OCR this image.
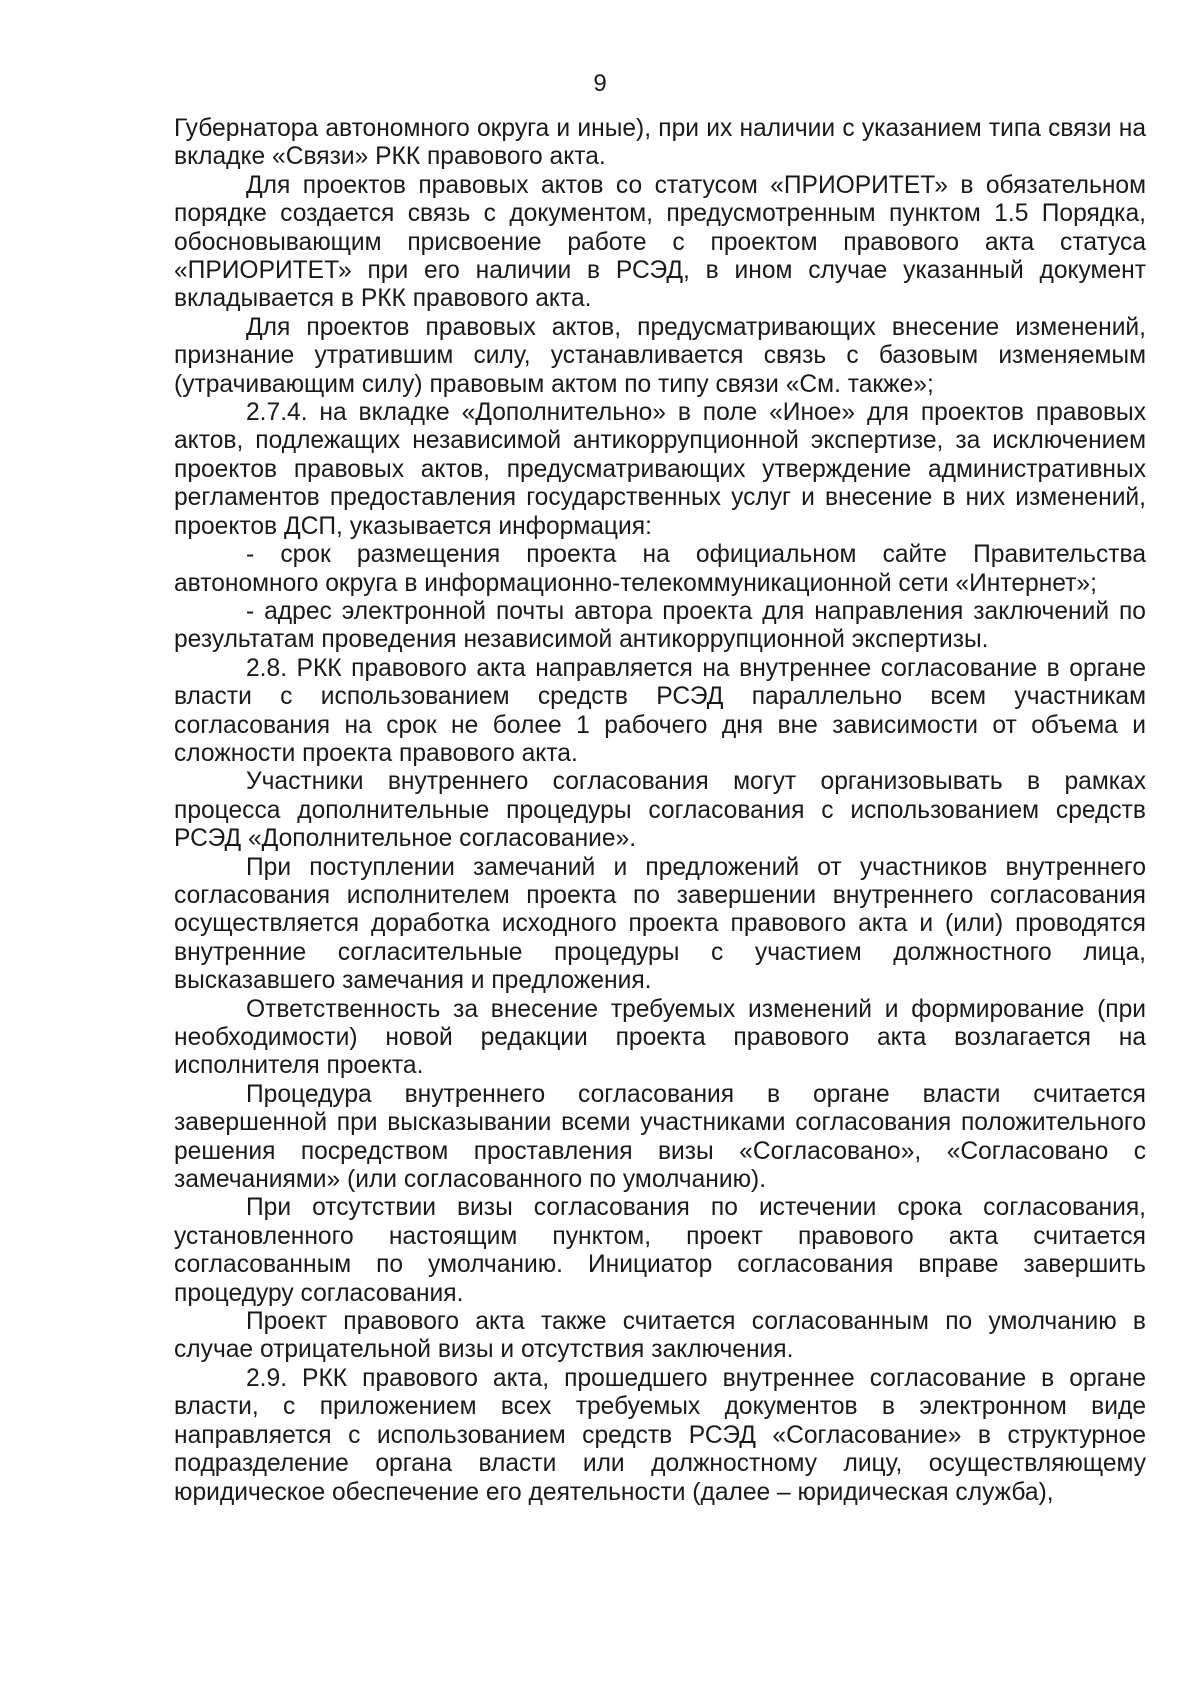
9

Губернатора автономного округа и иные), при их наличии с указанием типа связи на вкладке «Связи» РКК правового акта.

Для проектов правовых актов со статусом «ПРИОРИТЕТ» в обязательном порядке создается связь с документом, предусмотренным пунктом 1.5 Порядка, обосновывающим присвоение работе с проектом правового акта статуса «ПРИОРИТЕТ» при его наличии в РСЭД, в ином случае указанный документ вкладывается в РКК правового акта.

Для проектов правовых актов, предусматривающих внесение изменений, признание утратившим силу, устанавливается связь с базовым изменяемым (утрачивающим силу) правовым актом по типу связи «См. также»;

2.7.4. на вкладке «Дополнительно» в поле «Иное» для проектов правовых актов, подлежащих независимой антикоррупционной экспертизе, за исключением проектов правовых актов, предусматривающих утверждение административных регламентов предоставления государственных услуг и внесение в них изменений, проектов ДСП, указывается информация:

- срок размещения проекта на официальном сайте Правительства автономного округа в информационно-телекоммуникационной сети «Интернет»;

- адрес электронной почты автора проекта для направления заключений по результатам проведения независимой антикоррупционной экспертизы.

2.8. РКК правового акта направляется на внутреннее согласование в органе власти с использованием средств РСЭД параллельно всем участникам согласования на срок не более 1 рабочего дня вне зависимости от объема и сложности проекта правового акта.

Участники внутреннего согласования могут организовывать в рамках процесса дополнительные процедуры согласования с использованием средств РСЭД «Дополнительное согласование».

При поступлении замечаний и предложений от участников внутреннего согласования исполнителем проекта по завершении внутреннего согласования осуществляется доработка исходного проекта правового акта и (или) проводятся внутренние согласительные процедуры с участием должностного лица, высказавшего замечания и предложения.

Ответственность за внесение требуемых изменений и формирование (при необходимости) новой редакции проекта правового акта возлагается на исполнителя проекта.

Процедура внутреннего согласования в органе власти считается завершенной при высказывании всеми участниками согласования положительного решения посредством проставления визы «Согласовано», «Согласовано с замечаниями» (или согласованного по умолчанию).

При отсутствии визы согласования по истечении срока согласования, установленного настоящим пунктом, проект правового акта считается согласованным по умолчанию. Инициатор согласования вправе завершить процедуру согласования.

Проект правового акта также считается согласованным по умолчанию в случае отрицательной визы и отсутствия заключения.

2.9. РКК правового акта, прошедшего внутреннее согласование в органе власти, с приложением всех требуемых документов в электронном виде направляется с использованием средств РСЭД «Согласование» в структурное подразделение органа власти или должностному лицу, осуществляющему юридическое обеспечение его деятельности (далее – юридическая служба),
